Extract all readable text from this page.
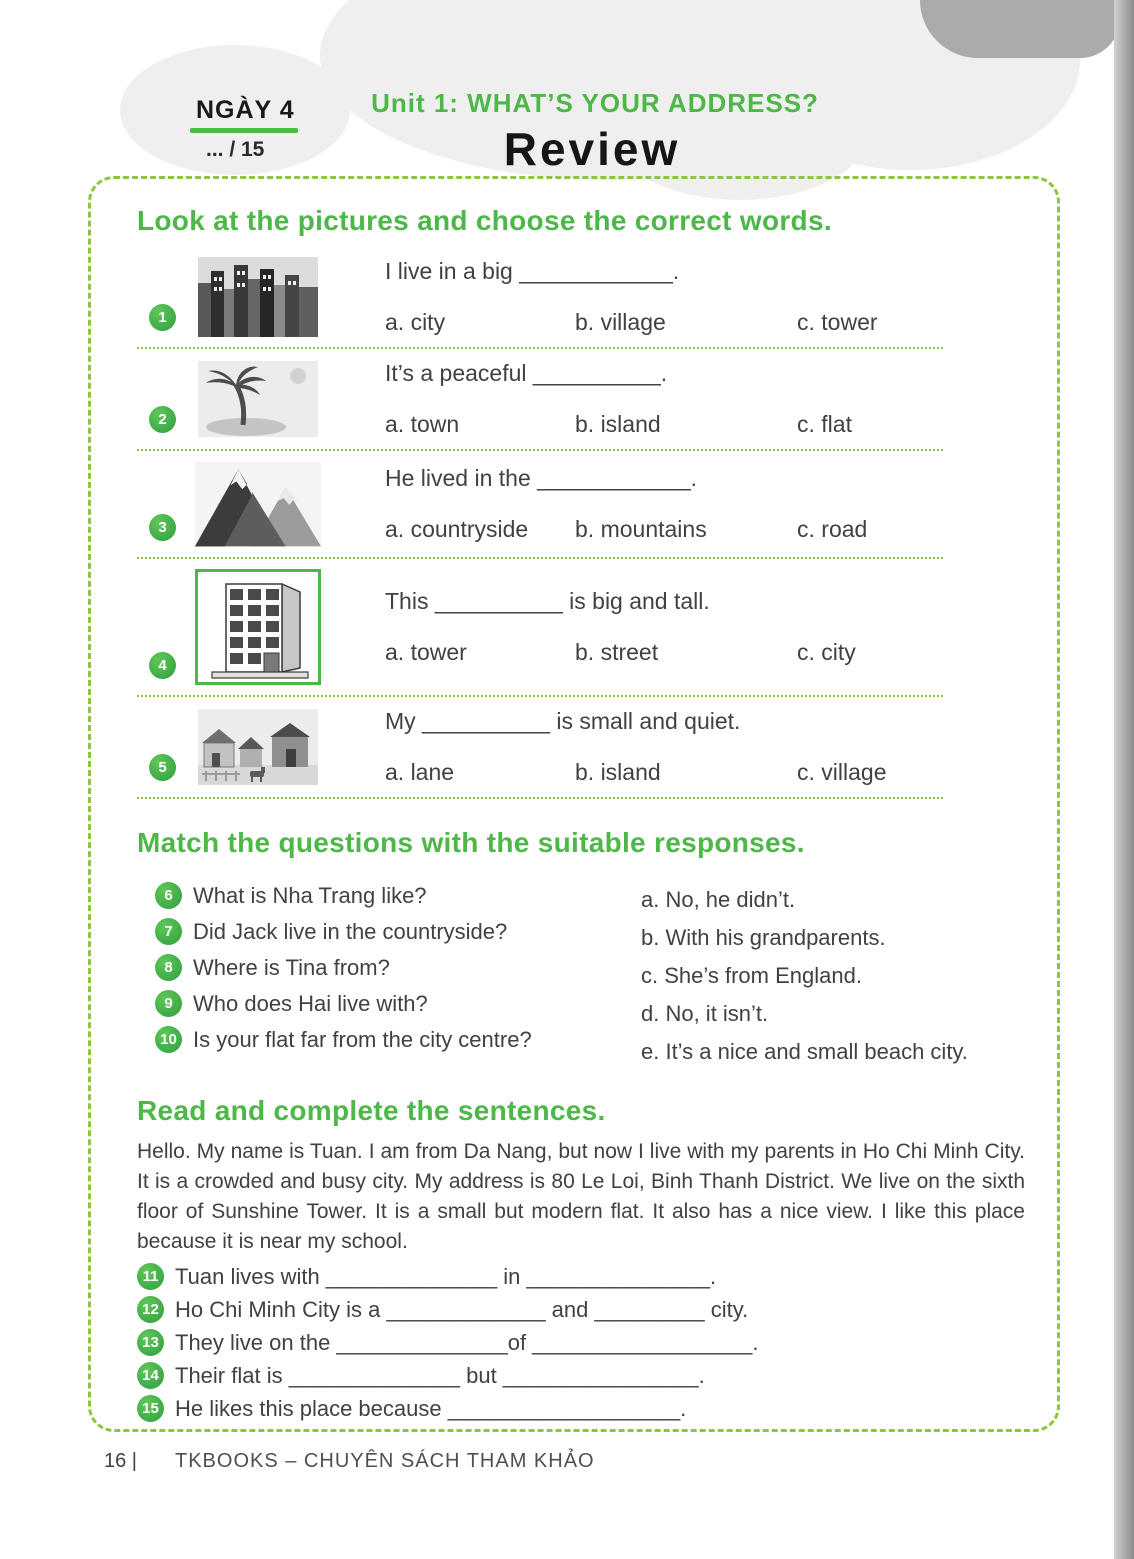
NGÀY 4
... / 15
Unit 1: WHAT’S YOUR ADDRESS?
Review
Look at the pictures and choose the correct words.
1
I live in a big ____________.
a. city	b. village	c. tower
2
It’s a peaceful __________.
a. town	b. island	c. flat
3
He lived in the ____________.
a. countryside	b. mountains	c. road
4
This __________ is big and tall.
a. tower	b. street	c. city
5
My __________ is small and quiet.
a. lane	b. island	c. village
Match the questions with the suitable responses.
6 What is Nha Trang like?
7 Did Jack live in the countryside?
8 Where is Tina from?
9 Who does Hai live with?
10 Is your flat far from the city centre?
a. No, he didn’t.
b. With his grandparents.
c. She’s from England.
d. No, it isn’t.
e. It’s a nice and small beach city.
Read and complete the sentences.

Hello. My name is Tuan. I am from Da Nang, but now I live with my parents in Ho Chi Minh City. It is a crowded and busy city. My address is 80 Le Loi, Binh Thanh District. We live on the sixth floor of Sunshine Tower. It is a small but modern flat. It also has a nice view. I like this place because it is near my school.

11 Tuan lives with ______________ in _______________.
12 Ho Chi Minh City is a _____________ and _________ city.
13 They live on the ______________of __________________.
14 Their flat is ______________ but ________________.
15 He likes this place because ___________________.
16 | TKBOOKS – CHUYÊN SÁCH THAM KHẢO
